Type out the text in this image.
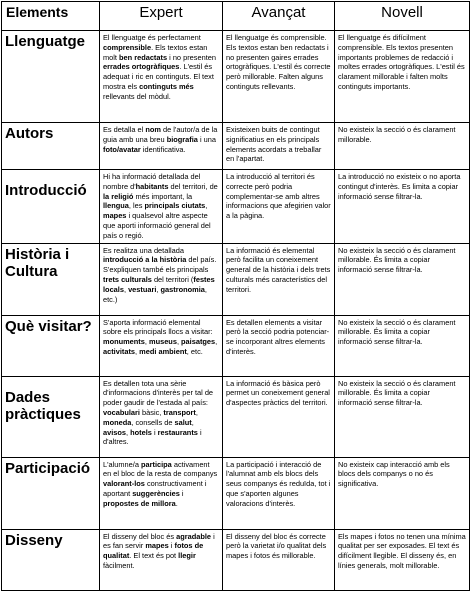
Elements	Expert	Avançat	Novell
Llenguatge	El llenguatge és perfectament comprensible. Els textos estan molt ben redactats i no presenten errades ortogràfiques. L'estil és adequat i ric en continguts. El text mostra els continguts més rellevants del mòdul.	El llenguatge és comprensible. Els textos estan ben redactats i no presenten gaires errades ortogràfiques. L'estil és correcte però millorable. Falten alguns continguts rellevants.	El llenguatge és difícilment comprensible. Els textos presenten importants problemes de redacció i moltes errades ortogràfiques. L'estil és clarament millorable i falten molts continguts importants.
Autors	Es detalla el nom de l'autor/a de la guia amb una breu biografia i una foto/avatar identificativa.	Existeixen buits de contingut significatius en els principals elements acordats a treballar en l'apartat.	No existeix la secció o és clarament millorable.
Introducció	Hi ha informació detallada del nombre d'habitants del territori, de la religió més important, la llengua, les principals ciutats, mapes i qualsevol altre aspecte que aporti informació general del país o regió.	La introducció al territori és correcte però podria complementar-se amb altres informacions que afegirien valor a la pàgina.	La introducció no existeix o no aporta contingut d'interès. Es limita a copiar informació sense filtrar-la.
Història i Cultura	Es realitza una detallada introducció a la història del país. S'expliquen també els principals trets culturals del territori (festes locals, vestuari, gastronomia, etc.)	La informació és elemental però facilita un coneixement general de la història i dels trets culturals més característics del territori.	No existeix la secció o és clarament millorable. És limita a copiar informació sense filtrar-la.
Què visitar?	S'aporta informació elemental sobre els principals llocs a visitar: monuments, museus, paisatges, activitats, medi ambient, etc.	Es detallen elements a visitar però la secció podria potenciar-se incorporant altres elements d'interès.	No existeix la secció o és clarament millorable. És limita a copiar informació sense filtrar-la.
Dades pràctiques	Es detallen tota una sèrie d'informacions d'interès per tal de poder gaudir de l'estada al país: vocabulari bàsic, transport, moneda, consells de salut, avisos, hotels i restaurants i d'altres.	La informació és bàsica però permet un coneixement general d'aspectes pràctics del territori.	No existeix la secció o és clarament millorable. És limita a copiar informació sense filtrar-la.
Participació	L'alumne/a participa activament en el bloc de la resta de companys valorant-los constructivament i aportant suggerències i propostes de millora.	La participació i interacció de l'alumnat amb els blocs dels seus companys és reduïda, tot i que s'aporten algunes valoracions d'interès.	No existeix cap interacció amb els blocs dels companys o no és significativa.
Disseny	El disseny del bloc és agradable i es fan servir mapes i fotos de qualitat. El text és pot llegir fàcilment.	El disseny del bloc és correcte però la varietat i/o qualitat dels mapes i fotos és millorable.	Els mapes i fotos no tenen una mínima qualitat per ser exposades. El text és difícilment llegible. El disseny és, en línies generals, molt millorable.
